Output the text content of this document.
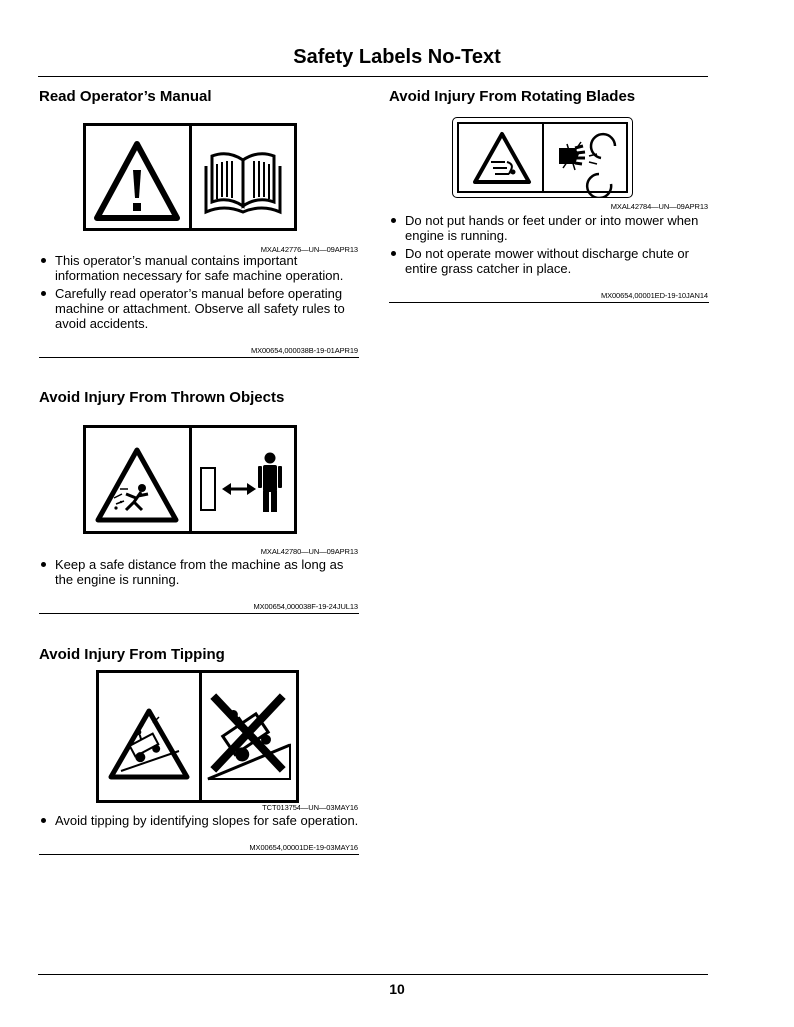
Safety Labels No-Text
Read Operator’s Manual
MXAL42776—UN—09APR13
This operator’s manual contains important information necessary for safe machine operation.
Carefully read operator’s manual before operating machine or attachment. Observe all safety rules to avoid accidents.
MX00654,000038B-19-01APR19
Avoid Injury From Thrown Objects
MXAL42780—UN—09APR13
Keep a safe distance from the machine as long as the engine is running.
MX00654,000038F-19-24JUL13
Avoid Injury From Tipping
TCT013754—UN—03MAY16
Avoid tipping by identifying slopes for safe operation.
MX00654,00001DE-19-03MAY16
Avoid Injury From Rotating Blades
MXAL42784—UN—09APR13
Do not put hands or feet under or into mower when engine is running.
Do not operate mower without discharge chute or entire grass catcher in place.
MX00654,00001ED-19-10JAN14
10
